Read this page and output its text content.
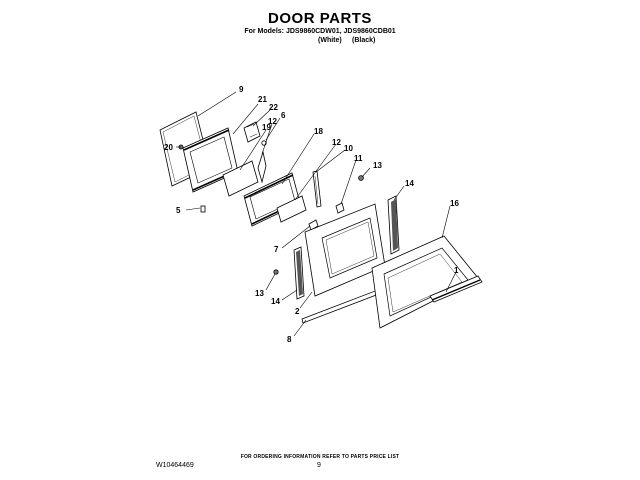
DOOR PARTS
For Models: JDS9860CDW01, JDS9860CDB01
(White) (Black)
9
21
22
6
20
12
19	18
12
10
11
13
5
14
16
7
1
13
14
2
8
FOR ORDERING INFORMATION REFER TO PARTS PRICE LIST
W10464469	9
